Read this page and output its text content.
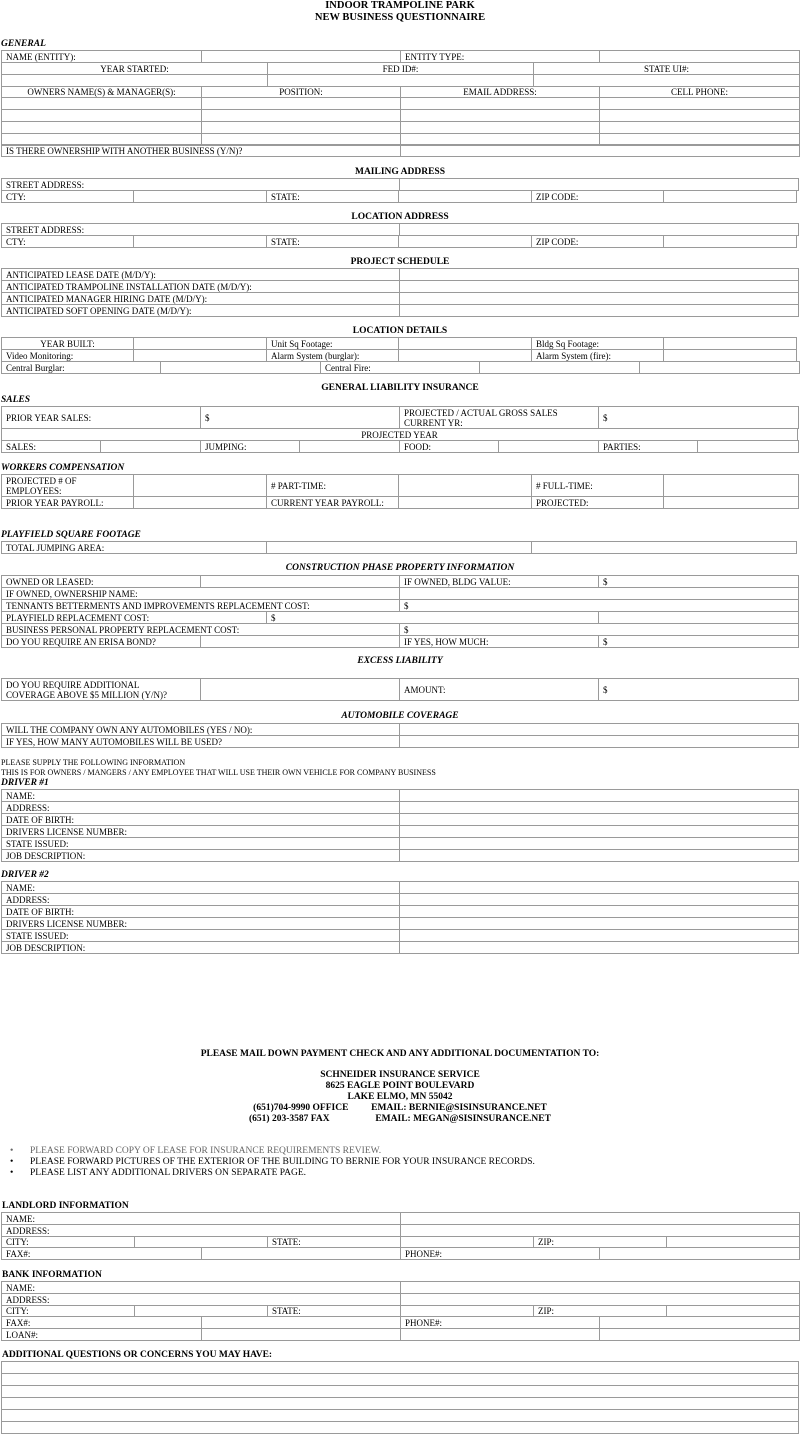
INDOOR TRAMPOLINE PARK
NEW BUSINESS QUESTIONNAIRE
GENERAL
NAME (ENTITY):		ENTITY TYPE:	
YEAR STARTED:	FED ID#:	STATE UI#:

OWNERS NAME(S) & MANAGER(S):	POSITION:	EMAIL ADDRESS:	CELL PHONE:

IS THERE OWNERSHIP WITH ANOTHER BUSINESS (Y/N)?	
MAILING ADDRESS
STREET ADDRESS:	
CTY:		STATE:		ZIP CODE:	
LOCATION ADDRESS
STREET ADDRESS:	
CTY:		STATE:		ZIP CODE:	
PROJECT SCHEDULE
ANTICIPATED LEASE DATE (M/D/Y):	
ANTICIPATED TRAMPOLINE INSTALLATION DATE (M/D/Y):	
ANTICIPATED MANAGER HIRING DATE (M/D/Y):	
ANTICIPATED SOFT OPENING DATE (M/D/Y):	
LOCATION DETAILS
YEAR BUILT:		Unit Sq Footage:		Bldg Sq Footage:	
Video Monitoring:		Alarm System (burglar):		Alarm System (fire):	
Central Burglar:		Central Fire:		
GENERAL LIABILITY INSURANCE
SALES
PRIOR YEAR SALES:	$	PROJECTED / ACTUAL GROSS SALES
CURRENT YR:	$
PROJECTED YEAR
SALES:		JUMPING:		FOOD:		PARTIES:	
WORKERS COMPENSATION
PROJECTED # OF
EMPLOYEES:		# PART-TIME:		# FULL-TIME:	
PRIOR YEAR PAYROLL:		CURRENT YEAR PAYROLL:		PROJECTED:	
PLAYFIELD SQUARE FOOTAGE
TOTAL JUMPING AREA:		
CONSTRUCTION PHASE PROPERTY INFORMATION
OWNED OR LEASED:			IF OWNED, BLDG VALUE:	$
IF OWNED, OWNERSHIP NAME:				
TENNANTS BETTERMENTS AND IMPROVEMENTS REPLACEMENT COST:			$	
PLAYFIELD REPLACEMENT COST:		$		
BUSINESS PERSONAL PROPERTY REPLACEMENT COST:			$	
DO YOU REQUIRE AN ERISA BOND?			IF YES, HOW MUCH:	$
EXCESS LIABILITY
DO YOU REQUIRE ADDITIONAL
COVERAGE ABOVE $5 MILLION (Y/N)?		AMOUNT:	$
AUTOMOBILE COVERAGE
WILL THE COMPANY OWN ANY AUTOMOBILES (YES / NO):	
IF YES, HOW MANY AUTOMOBILES WILL BE USED?	
PLEASE SUPPLY THE FOLLOWING INFORMATION
THIS IS FOR OWNERS / MANGERS / ANY EMPLOYEE THAT WILL USE THEIR OWN VEHICLE FOR COMPANY BUSINESS
DRIVER #1
NAME:	
ADDRESS:	
DATE OF BIRTH:	
DRIVERS LICENSE NUMBER:	
STATE ISSUED:	
JOB DESCRIPTION:	
DRIVER #2
NAME:	
ADDRESS:	
DATE OF BIRTH:	
DRIVERS LICENSE NUMBER:	
STATE ISSUED:	
JOB DESCRIPTION:	
PLEASE MAIL DOWN PAYMENT CHECK AND ANY ADDITIONAL DOCUMENTATION TO:
SCHNEIDER INSURANCE SERVICE
8625 EAGLE POINT BOULEVARD
LAKE ELMO, MN 55042
(651)704-9990 OFFICE EMAIL: BERNIE@SISINSURANCE.NET
(651) 203-3587 FAX	EMAIL: MEGAN@SISINSURANCE.NET
• PLEASE FORWARD COPY OF LEASE FOR INSURANCE REQUIREMENTS REVIEW.
• PLEASE FORWARD PICTURES OF THE EXTERIOR OF THE BUILDING TO BERNIE FOR YOUR INSURANCE RECORDS.
• PLEASE LIST ANY ADDITIONAL DRIVERS ON SEPARATE PAGE.
LANDLORD INFORMATION
NAME:	
ADDRESS:	
CITY:		STATE:		ZIP:	
FAX#:		PHONE#:	
BANK INFORMATION
NAME:	
ADDRESS:	
CITY:		STATE:		ZIP:	
FAX#:		PHONE#:	
LOAN#:			
ADDITIONAL QUESTIONS OR CONCERNS YOU MAY HAVE:
